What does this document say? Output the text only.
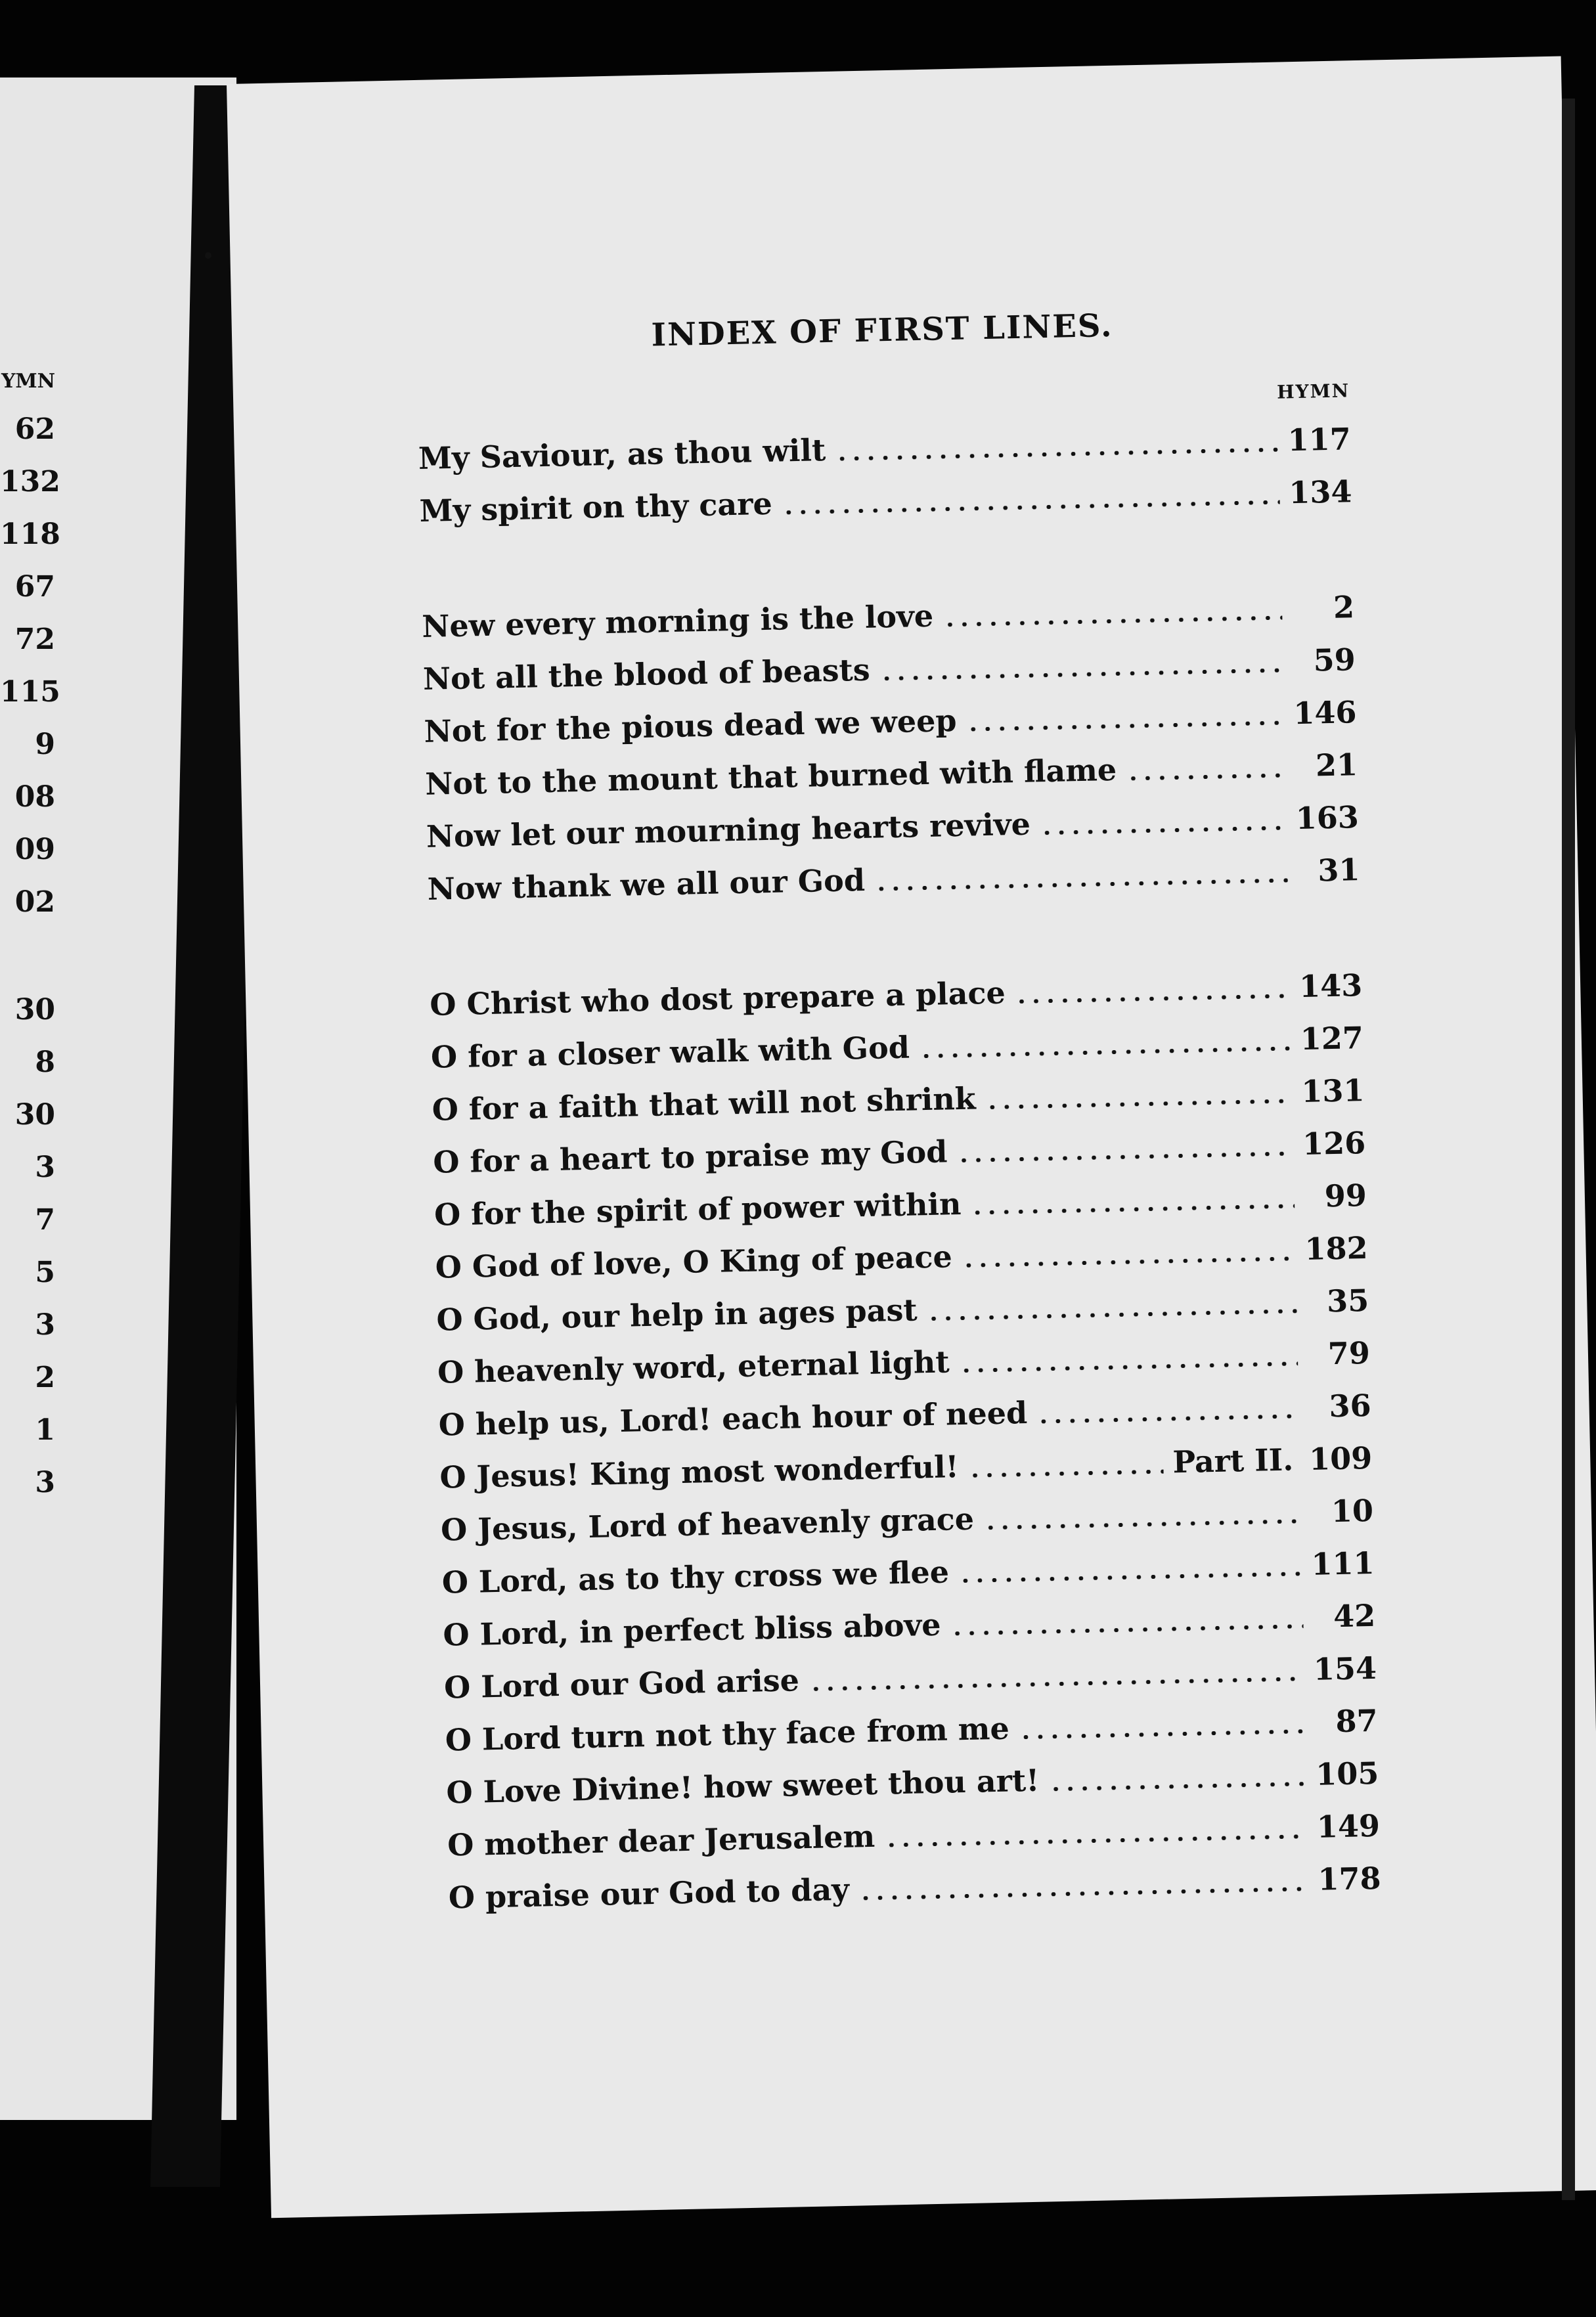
YMN
62
132
118
67
72
115
9
08
09
02
30
8
30
3
7
5
3
2
1
3
INDEX OF FIRST LINES.
HYMN
My Saviour, as thou wilt	117
My spirit on thy care	134
New every morning is the love	2
Not all the blood of beasts	59
Not for the pious dead we weep	146
Not to the mount that burned with flame	21
Now let our mourning hearts revive	163
Now thank we all our God	31
O Christ who dost prepare a place	143
O for a closer walk with God	127
O for a faith that will not shrink	131
O for a heart to praise my God	126
O for the spirit of power within	99
O God of love, O King of peace	182
O God, our help in ages past	35
O heavenly word, eternal light	79
O help us, Lord! each hour of need	36
O Jesus! King most wonderful!	Part II. 109
O Jesus, Lord of heavenly grace	10
O Lord, as to thy cross we flee	111
O Lord, in perfect bliss above	42
O Lord our God arise	154
O Lord turn not thy face from me	87
O Love Divine! how sweet thou art!	105
O mother dear Jerusalem	149
O praise our God to day	178
